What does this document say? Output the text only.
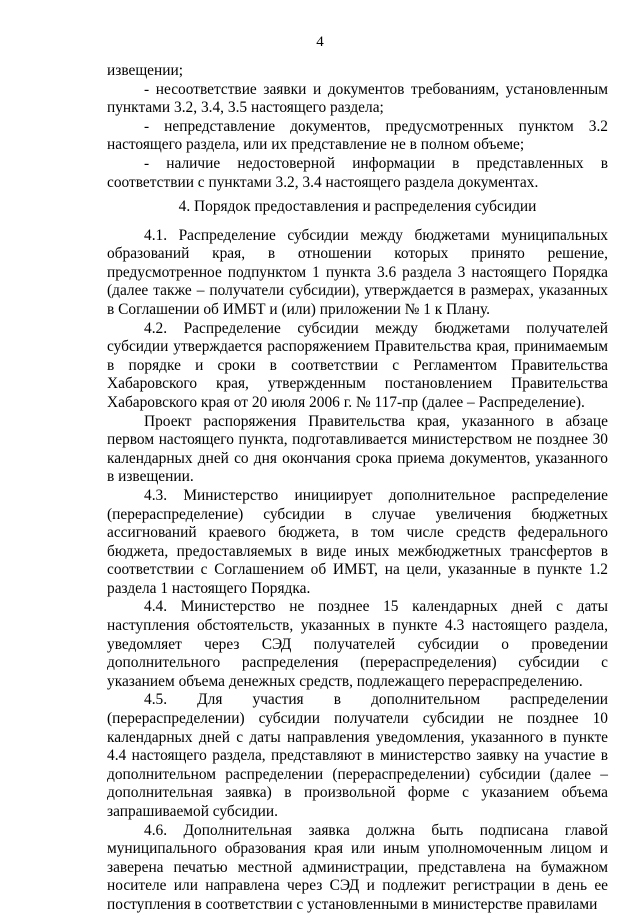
4

извещении;

- несоответствие заявки и документов требованиям, установленным пунктами 3.2, 3.4, 3.5 настоящего раздела;

- непредставление документов, предусмотренных пунктом 3.2 настоящего раздела, или их представление не в полном объеме;

- наличие недостоверной информации в представленных в соответствии с пунктами 3.2, 3.4 настоящего раздела документах.

4. Порядок предоставления и распределения субсидии

4.1. Распределение субсидии между бюджетами муниципальных образований края, в отношении которых принято решение, предусмотренное подпунктом 1 пункта 3.6 раздела 3 настоящего Порядка (далее также – получатели субсидии), утверждается в размерах, указанных в Соглашении об ИМБТ и (или) приложении № 1 к Плану.

4.2. Распределение субсидии между бюджетами получателей субсидии утверждается распоряжением Правительства края, принимаемым в порядке и сроки в соответствии с Регламентом Правительства Хабаровского края, утвержденным постановлением Правительства Хабаровского края от 20 июля 2006 г. № 117-пр (далее – Распределение).

Проект распоряжения Правительства края, указанного в абзаце первом настоящего пункта, подготавливается министерством не позднее 30 календарных дней со дня окончания срока приема документов, указанного в извещении.

4.3. Министерство инициирует дополнительное распределение (перераспределение) субсидии в случае увеличения бюджетных ассигнований краевого бюджета, в том числе средств федерального бюджета, предоставляемых в виде иных межбюджетных трансфертов в соответствии с Соглашением об ИМБТ, на цели, указанные в пункте 1.2 раздела 1 настоящего Порядка.

4.4. Министерство не позднее 15 календарных дней с даты наступления обстоятельств, указанных в пункте 4.3 настоящего раздела, уведомляет через СЭД получателей субсидии о проведении дополнительного распределения (перераспределения) субсидии с указанием объема денежных средств, подлежащего перераспределению.

4.5. Для участия в дополнительном распределении (перераспределении) субсидии получатели субсидии не позднее 10 календарных дней с даты направления уведомления, указанного в пункте 4.4 настоящего раздела, представляют в министерство заявку на участие в дополнительном распределении (перераспределении) субсидии (далее – дополнительная заявка) в произвольной форме с указанием объема запрашиваемой субсидии.

4.6. Дополнительная заявка должна быть подписана главой муниципального образования края или иным уполномоченным лицом и заверена печатью местной администрации, представлена на бумажном носителе или направлена через СЭД и подлежит регистрации в день ее поступления в соответствии с установленными в министерстве правилами
